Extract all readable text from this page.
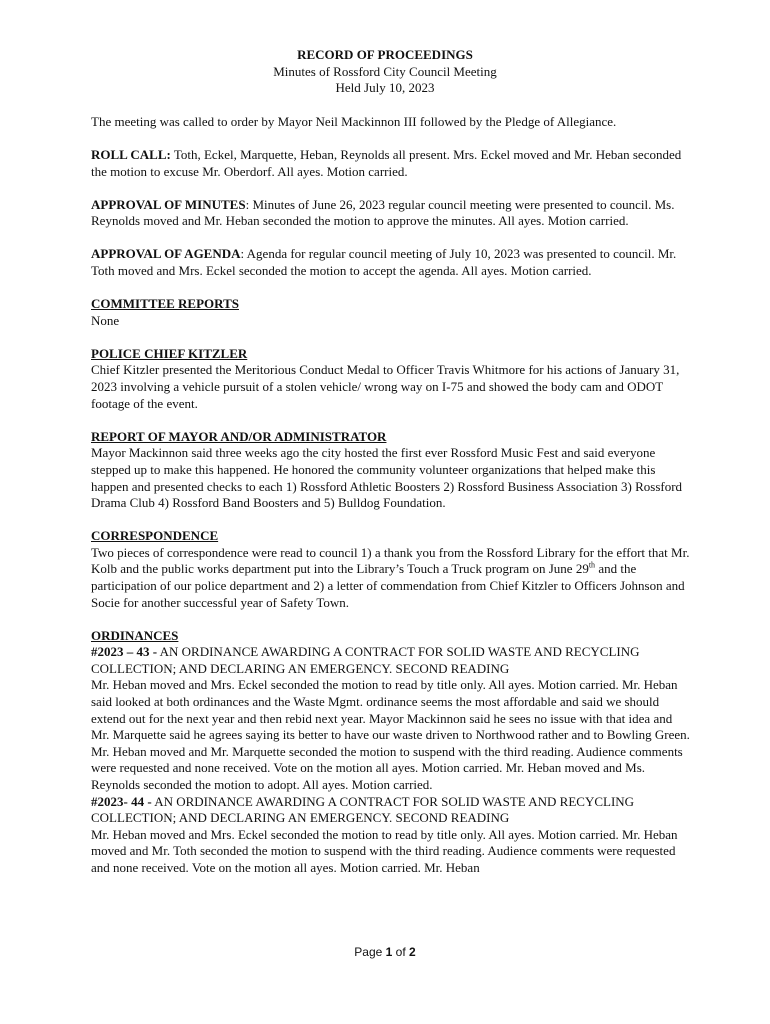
RECORD OF PROCEEDINGS
Minutes of Rossford City Council Meeting
Held July 10, 2023

The meeting was called to order by Mayor Neil Mackinnon III followed by the Pledge of Allegiance.

ROLL CALL: Toth, Eckel, Marquette, Heban, Reynolds all present. Mrs. Eckel moved and Mr. Heban seconded the motion to excuse Mr. Oberdorf. All ayes. Motion carried.

APPROVAL OF MINUTES: Minutes of June 26, 2023 regular council meeting were presented to council. Ms. Reynolds moved and Mr. Heban seconded the motion to approve the minutes. All ayes. Motion carried.

APPROVAL OF AGENDA: Agenda for regular council meeting of July 10, 2023 was presented to council. Mr. Toth moved and Mrs. Eckel seconded the motion to accept the agenda. All ayes. Motion carried.

COMMITTEE REPORTS

None

POLICE CHIEF KITZLER

Chief Kitzler presented the Meritorious Conduct Medal to Officer Travis Whitmore for his actions of January 31, 2023 involving a vehicle pursuit of a stolen vehicle/ wrong way on I-75 and showed the body cam and ODOT footage of the event.

REPORT OF MAYOR AND/OR ADMINISTRATOR

Mayor Mackinnon said three weeks ago the city hosted the first ever Rossford Music Fest and said everyone stepped up to make this happened. He honored the community volunteer organizations that helped make this happen and presented checks to each 1) Rossford Athletic Boosters 2) Rossford Business Association 3) Rossford Drama Club 4) Rossford Band Boosters and 5) Bulldog Foundation.

CORRESPONDENCE

Two pieces of correspondence were read to council 1) a thank you from the Rossford Library for the effort that Mr. Kolb and the public works department put into the Library’s Touch a Truck program on June 29th and the participation of our police department and 2) a letter of commendation from Chief Kitzler to Officers Johnson and Socie for another successful year of Safety Town.

ORDINANCES

#2023 – 43 - AN ORDINANCE AWARDING A CONTRACT FOR SOLID WASTE AND RECYCLING COLLECTION; AND DECLARING AN EMERGENCY. SECOND READING

Mr. Heban moved and Mrs. Eckel seconded the motion to read by title only. All ayes. Motion carried. Mr. Heban said looked at both ordinances and the Waste Mgmt. ordinance seems the most affordable and said we should extend out for the next year and then rebid next year. Mayor Mackinnon said he sees no issue with that idea and Mr. Marquette said he agrees saying its better to have our waste driven to Northwood rather and to Bowling Green. Mr. Heban moved and Mr. Marquette seconded the motion to suspend with the third reading. Audience comments were requested and none received. Vote on the motion all ayes. Motion carried. Mr. Heban moved and Ms. Reynolds seconded the motion to adopt. All ayes. Motion carried.

#2023- 44 - AN ORDINANCE AWARDING A CONTRACT FOR SOLID WASTE AND RECYCLING COLLECTION; AND DECLARING AN EMERGENCY. SECOND READING

Mr. Heban moved and Mrs. Eckel seconded the motion to read by title only. All ayes. Motion carried. Mr. Heban moved and Mr. Toth seconded the motion to suspend with the third reading. Audience comments were requested and none received. Vote on the motion all ayes. Motion carried. Mr. Heban

Page 1 of 2
